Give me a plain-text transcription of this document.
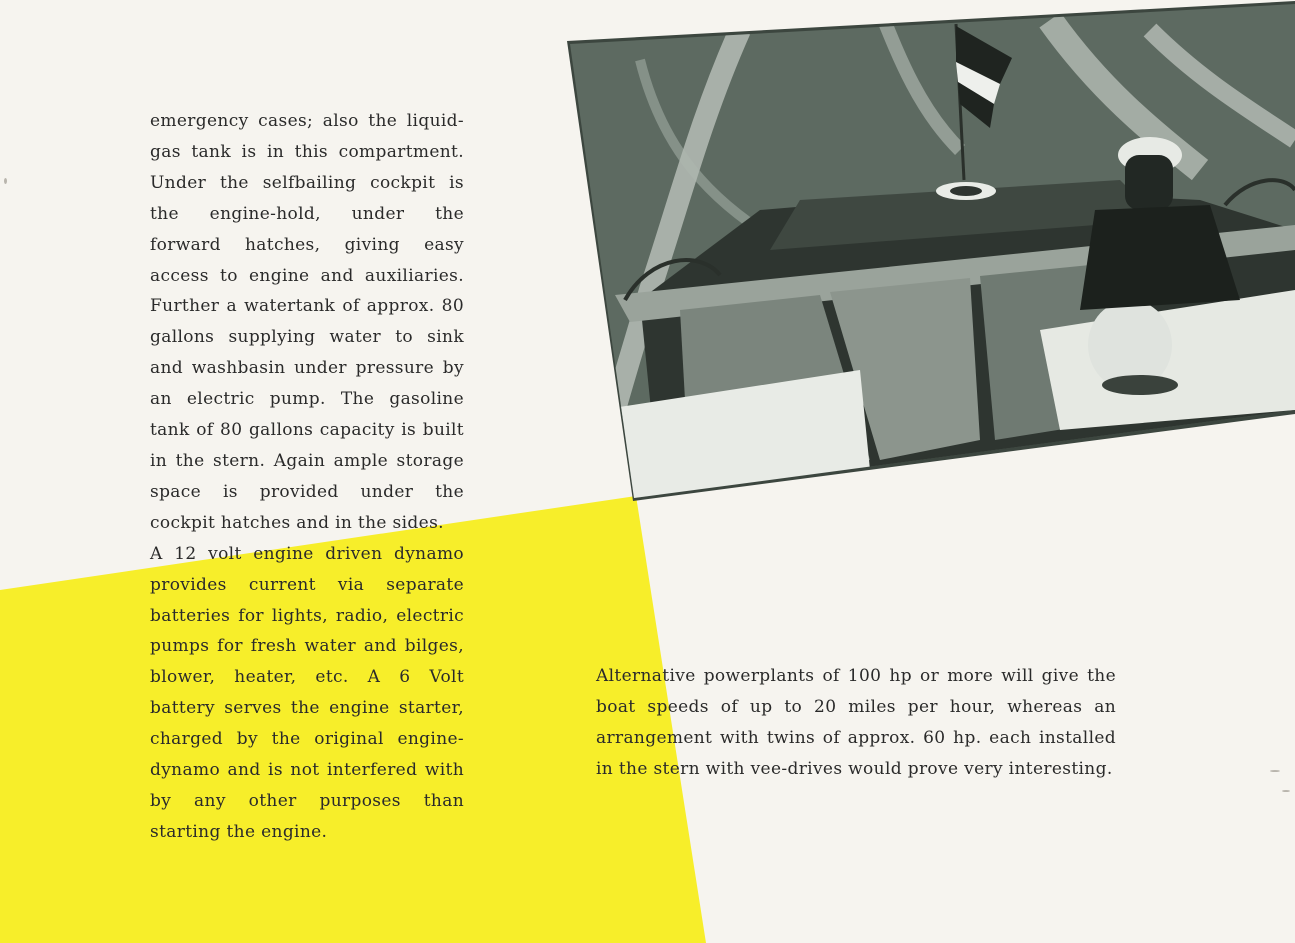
emergency cases; also the liquid-gas tank is in this compartment. Under the selfbailing cockpit is the engine-hold, under the forward hatches, giving easy access to engine and auxiliaries. Further a watertank of approx. 80 gallons supplying water to sink and washbasin under pressure by an electric pump. The gasoline tank of 80 gallons capacity is built in the stern. Again ample storage space is provided under the cockpit hatches and in the sides.

A 12 volt engine driven dynamo provides current via separate batteries for lights, radio, electric pumps for fresh water and bilges, blower, heater, etc. A 6 Volt battery serves the engine starter, charged by the original engine-dynamo and is not interfered with by any other purposes than starting the engine.

Alternative powerplants of 100 hp or more will give the boat speeds of up to 20 miles per hour, whereas an arrangement with twins of approx. 60 hp. each installed in the stern with vee-drives would prove very interesting.
